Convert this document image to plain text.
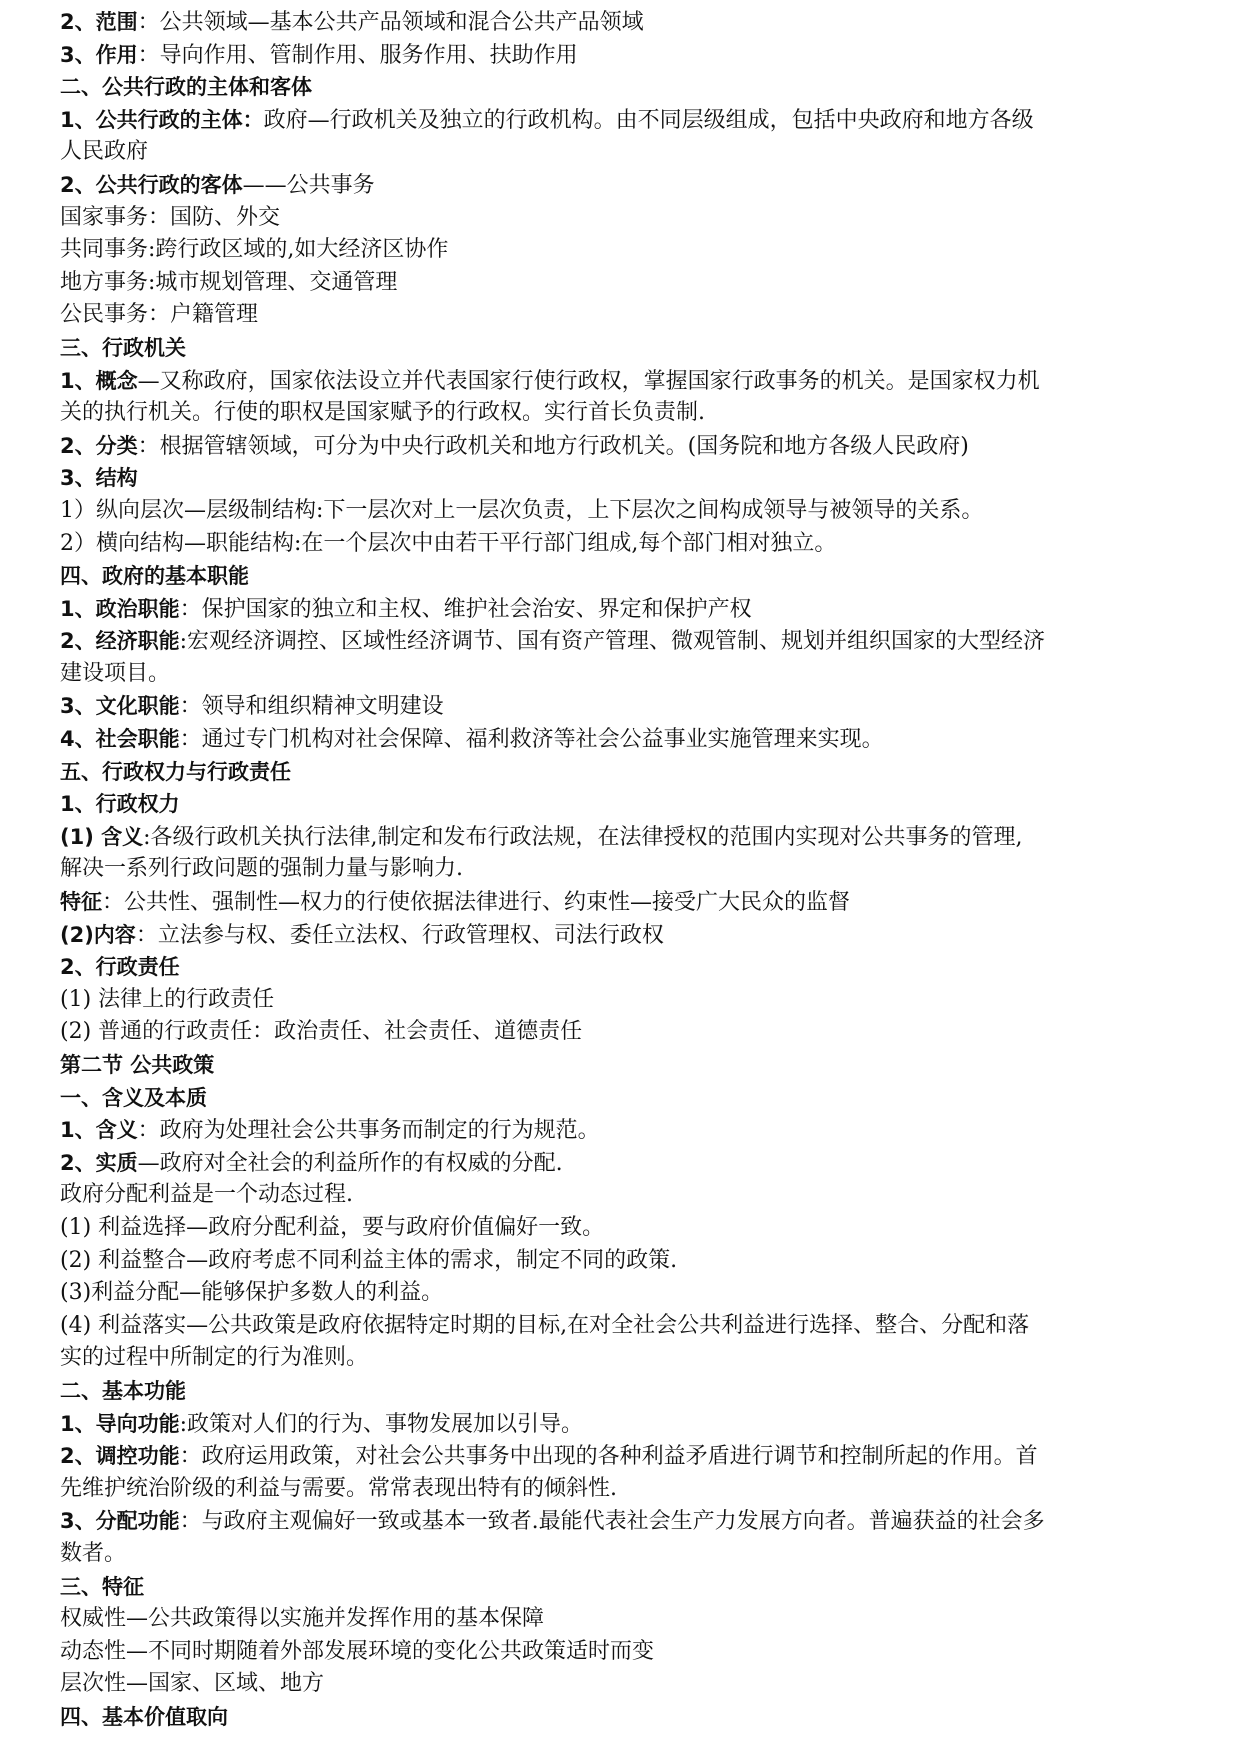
2、范围：公共领域—基本公共产品领域和混合公共产品领域
3、作用：导向作用、管制作用、服务作用、扶助作用
二、公共行政的主体和客体
1、公共行政的主体：政府—行政机关及独立的行政机构。由不同层级组成，包括中央政府和地方各级
人民政府
2、公共行政的客体——公共事务
国家事务：国防、外交
共同事务:跨行政区域的,如大经济区协作
地方事务:城市规划管理、交通管理
公民事务：户籍管理
三、行政机关
1、概念—又称政府，国家依法设立并代表国家行使行政权，掌握国家行政事务的机关。是国家权力机
关的执行机关。行使的职权是国家赋予的行政权。实行首长负责制.
2、分类：根据管辖领域，可分为中央行政机关和地方行政机关。(国务院和地方各级人民政府)
3、结构
1）纵向层次—层级制结构:下一层次对上一层次负责，上下层次之间构成领导与被领导的关系。
2）横向结构—职能结构:在一个层次中由若干平行部门组成,每个部门相对独立。
四、政府的基本职能
1、政治职能：保护国家的独立和主权、维护社会治安、界定和保护产权
2、经济职能:宏观经济调控、区域性经济调节、国有资产管理、微观管制、规划并组织国家的大型经济
建设项目。
3、文化职能：领导和组织精神文明建设
4、社会职能：通过专门机构对社会保障、福利救济等社会公益事业实施管理来实现。
五、行政权力与行政责任
1、行政权力
(1) 含义:各级行政机关执行法律,制定和发布行政法规，在法律授权的范围内实现对公共事务的管理,
解决一系列行政问题的强制力量与影响力.
特征：公共性、强制性—权力的行使依据法律进行、约束性—接受广大民众的监督
(2)内容：立法参与权、委任立法权、行政管理权、司法行政权
2、行政责任
(1) 法律上的行政责任
(2) 普通的行政责任：政治责任、社会责任、道德责任
第二节 公共政策
一、含义及本质
1、含义：政府为处理社会公共事务而制定的行为规范。
2、实质—政府对全社会的利益所作的有权威的分配.
政府分配利益是一个动态过程.
(1) 利益选择—政府分配利益，要与政府价值偏好一致。
(2) 利益整合—政府考虑不同利益主体的需求，制定不同的政策.
(3)利益分配—能够保护多数人的利益。
(4) 利益落实—公共政策是政府依据特定时期的目标,在对全社会公共利益进行选择、整合、分配和落
实的过程中所制定的行为准则。
二、基本功能
1、导向功能:政策对人们的行为、事物发展加以引导。
2、调控功能：政府运用政策，对社会公共事务中出现的各种利益矛盾进行调节和控制所起的作用。首
先维护统治阶级的利益与需要。常常表现出特有的倾斜性.
3、分配功能：与政府主观偏好一致或基本一致者.最能代表社会生产力发展方向者。普遍获益的社会多
数者。
三、特征
权威性—公共政策得以实施并发挥作用的基本保障
动态性—不同时期随着外部发展环境的变化公共政策适时而变
层次性—国家、区域、地方
四、基本价值取向
